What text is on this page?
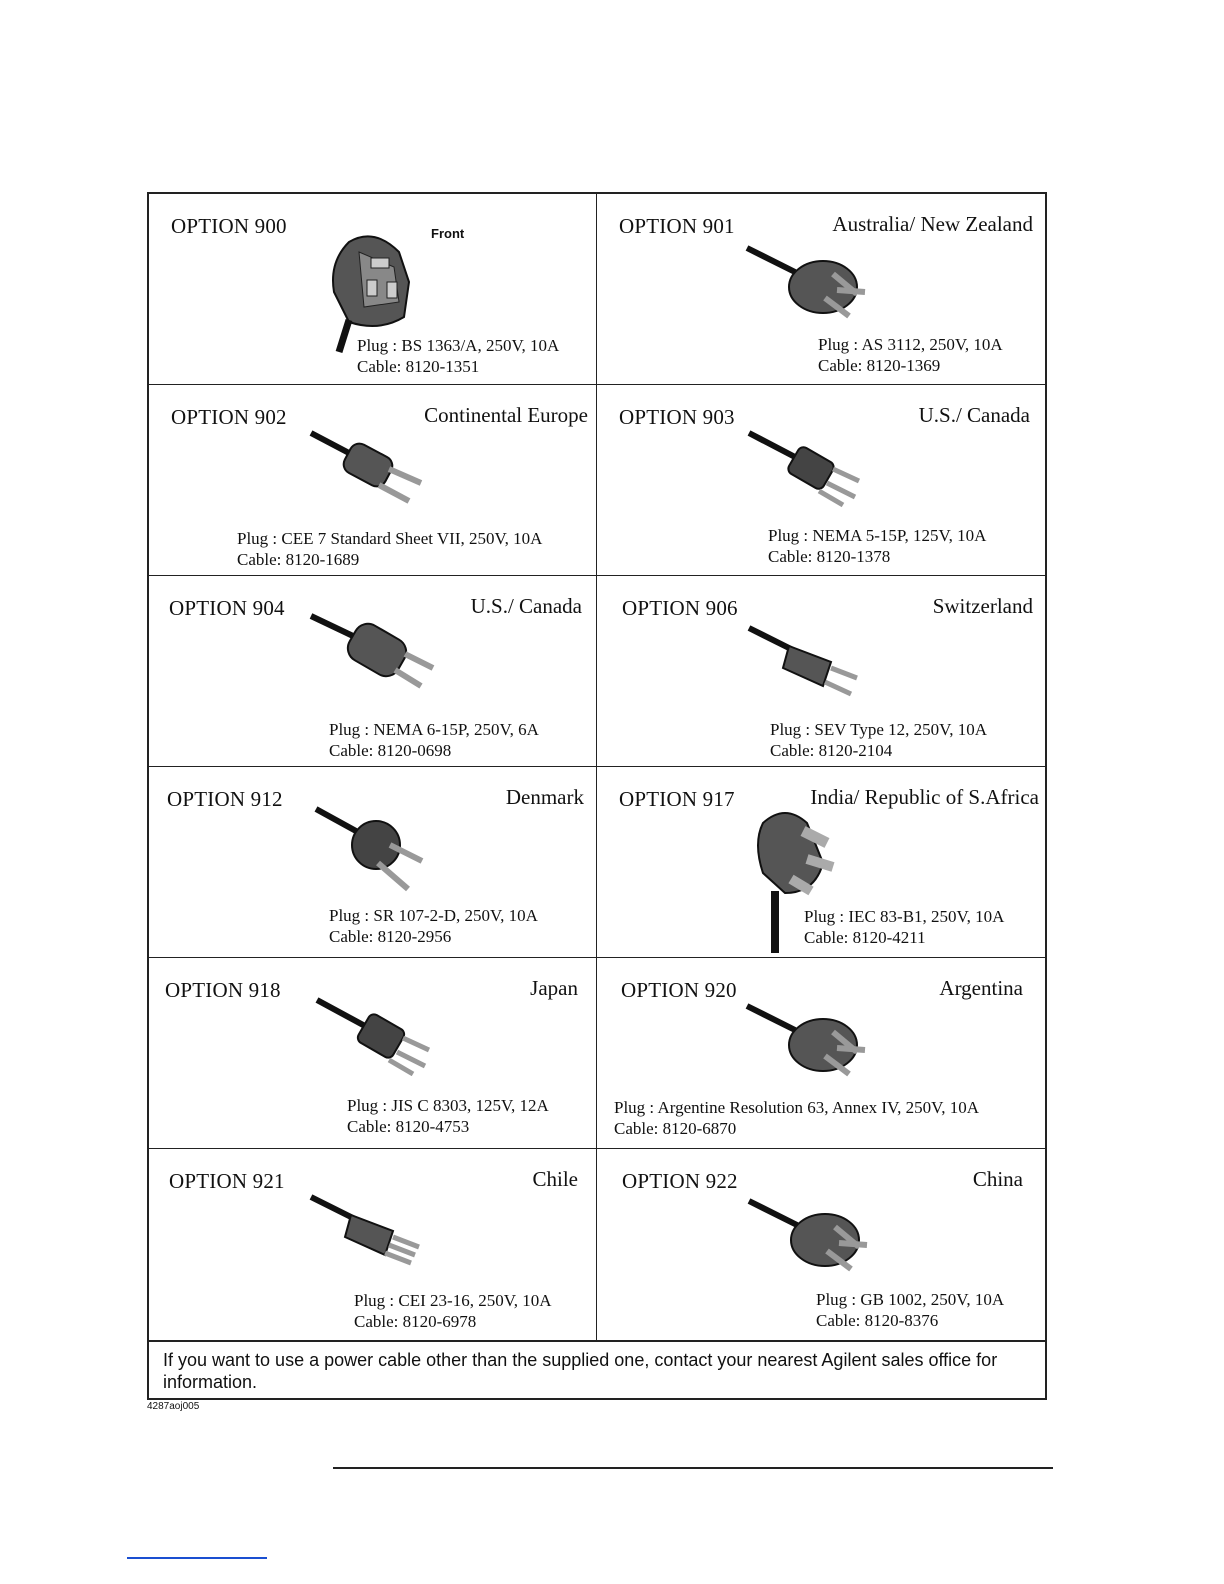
OPTION 900	Front
Plug : BS 1363/A, 250V, 10A
Cable: 8120-1351
OPTION 901	Australia/ New Zealand
Plug : AS 3112, 250V, 10A
Cable: 8120-1369
OPTION 902	Continental Europe
Plug : CEE 7 Standard Sheet VII, 250V, 10A
Cable: 8120-1689
OPTION 903	U.S./ Canada
Plug : NEMA 5-15P, 125V, 10A
Cable: 8120-1378
OPTION 904	U.S./ Canada
Plug : NEMA 6-15P, 250V, 6A
Cable: 8120-0698
OPTION 906	Switzerland
Plug : SEV Type 12, 250V, 10A
Cable: 8120-2104
OPTION 912	Denmark
Plug : SR 107-2-D, 250V, 10A
Cable: 8120-2956
OPTION 917	India/ Republic of S.Africa
Plug : IEC 83-B1, 250V, 10A
Cable: 8120-4211
OPTION 918	Japan
Plug : JIS C 8303, 125V, 12A
Cable: 8120-4753
OPTION 920	Argentina
Plug : Argentine Resolution 63, Annex IV, 250V, 10A
Cable: 8120-6870
OPTION 921	Chile
Plug : CEI 23-16, 250V, 10A
Cable: 8120-6978
OPTION 922	China
Plug : GB 1002, 250V, 10A
Cable: 8120-8376
If you want to use a power cable other than the supplied one, contact your nearest Agilent sales office for information.
4287aoj005
